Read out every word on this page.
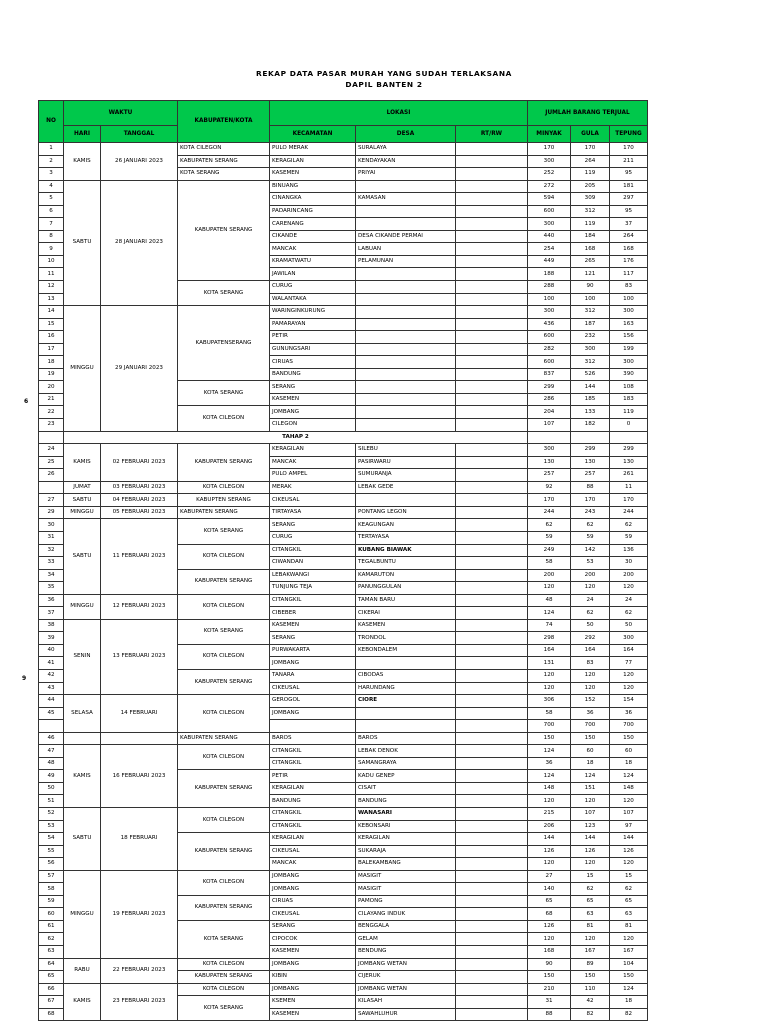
REKAP DATA PASAR MURAH YANG SUDAH TERLAKSANA
DAPIL BANTEN 2
6
9
NO	WAKTU		KABUPATEN/KOTA	LOKASI			JUMLAH BARANG TERJUAL		
	HARI	TANGGAL		KECAMATAN	DESA	RT/RW	MINYAK	GULA	TEPUNG
1	KAMIS	26 JANUARI 2023	KOTA CILEGON	PULO MERAK	SURALAYA		170	170	170
2			KABUPATEN SERANG	KERAGILAN	KENDAYAKAN		300	264	211
3			KOTA SERANG	KASEMEN	PRIYAI		252	119	95
4	SABTU	28 JANUARI 2023	KABUPATEN SERANG	BINUANG			272	205	181
5				CINANGKA	KAMASAN		594	309	297
6				PADARINCANG			600	312	95
7				CARENANG			300	119	37
8				CIKANDE	DESA CIKANDE PERMAI		440	184	264
9				MANCAK	LABUAN		254	168	168
10				KRAMATWATU	PELAMUNAN		449	265	176
11				JAWILAN			188	121	117
12			KOTA SERANG	CURUG			288	90	83
13				WALANTAKA			100	100	100
14	MINGGU	29 JANUARI 2023	KABUPATENSERANG	WARINGINKURUNG			300	312	300
15				PAMARAYAN			436	187	163
16				PETIR			600	232	156
17				GUNUNGSARI			282	300	199
18				CIRUAS			600	312	300
19				BANDUNG			837	526	390
20			KOTA SERANG	SERANG			299	144	108
21				KASEMEN			286	185	183
22			KOTA CILEGON	JOMBANG			204	133	119
23				CILEGON			107	182	0
	TAHAP 2								
24	KAMIS	02 FEBRUARI 2023	KABUPATEN SERANG	KERAGILAN	SILEBU		300	299	299
25				MANCAK	PASIRWARU		130	130	130
26				PULO AMPEL	SUMURANJA		257	257	261
	JUMAT	03 FEBRUARI 2023	KOTA CILEGON	MERAK	LEBAK GEDE		92	88	11
27	SABTU	04 FEBRUARI 2023	KABUPTEN SERANG	CIKEUSAL			170	170	170
29	MINGGU	05 FEBRUARI 2023	KABUPATEN SERANG	TIRTAYASA	PONTANG LEGON		244	243	244
30	SABTU	11 FEBRUARI 2023	KOTA SERANG	SERANG	KEAGUNGAN		62	62	62
31				CURUG	TERTAYASA		59	59	59
32			KOTA CILEGON	CITANGKIL	KUBANG BIAWAK		249	142	136
33				CIWANDAN	TEGALBUNTU		58	53	30
34			KABUPATEN SERANG	LEBAKWANGI	KAMARUTON		200	200	200
35				TUNJUNG TEJA	PANUNGGULAN		120	120	120
36	MINGGU	12 FEBRUARI 2023	KOTA CILEGON	CITANGKIL	TAMAN BARU		48	24	24
37				CIBEBER	CIKERAI		124	62	62
38	SENIN	13 FEBRUARI 2023	KOTA SERANG	KASEMEN	KASEMEN		74	50	50
39				SERANG	TRONDOL		298	292	300
40			KOTA CILEGON	PURWAKARTA	KEBONDALEM		164	164	164
41				JOMBANG			131	83	77
42			KABUPATEN SERANG	TANARA	CIBODAS		120	120	120
43				CIKEUSAL	HARUNDANG		120	120	120
44	SELASA	14 FEBRUARI	KOTA CILEGON	GEROGOL	CIORE		306	152	154
45				JOMBANG			58	36	36
							700	700	700
46			KABUPATEN SERANG	BAROS	BAROS		150	150	150
47	KAMIS	16 FEBRUARI 2023	KOTA CILEGON	CITANGKIL	LEBAK DENOK		124	60	60
48				CITANGKIL	SAMANGRAYA		36	18	18
49			KABUPATEN SERANG	PETIR	KADU GENEP		124	124	124
50				KERAGILAN	CISAIT		148	151	148
51				BANDUNG	BANDUNG		120	120	120
52	SABTU	18 FEBRUARI	KOTA CILEGON	CITANGKIL	WANASARI		215	107	107
53				CITANGKIL	KEBONSARI		206	123	97
54			KABUPATEN SERANG	KERAGILAN	KERAGILAN		144	144	144
55				CIKEUSAL	SUKARAJA		126	126	126
56				MANCAK	BALEKAMBANG		120	120	120
57	MINGGU	19 FEBRUARI 2023	KOTA CILEGON	JOMBANG	MASIGIT		27	15	15
58				JOMBANG	MASIGIT		140	62	62
59			KABUPATEN SERANG	CIRUAS	PAMONG		65	65	65
60				CIKEUSAL	CILAYANG INDUK		68	63	63
61			KOTA SERANG	SERANG	BENGGALA		126	81	81
62				CIPOCOK	GELAM		120	120	120
63				KASEMEN	BENDUNG		168	167	167
64	RABU	22 FEBRUARI 2023	KOTA CILEGON	JOMBANG	JOMBANG WETAN		90	89	104
65			KABUPATEN SERANG	KIBIN	CIJERUK		150	150	150
66	KAMIS	23 FEBRUARI 2023	KOTA CILEGON	JOMBANG	JOMBANG WETAN		210	110	124
67			KOTA SERANG	KSEMEN	KILASAH		31	42	18
68				KASEMEN	SAWAHLUHUR		88	82	82
